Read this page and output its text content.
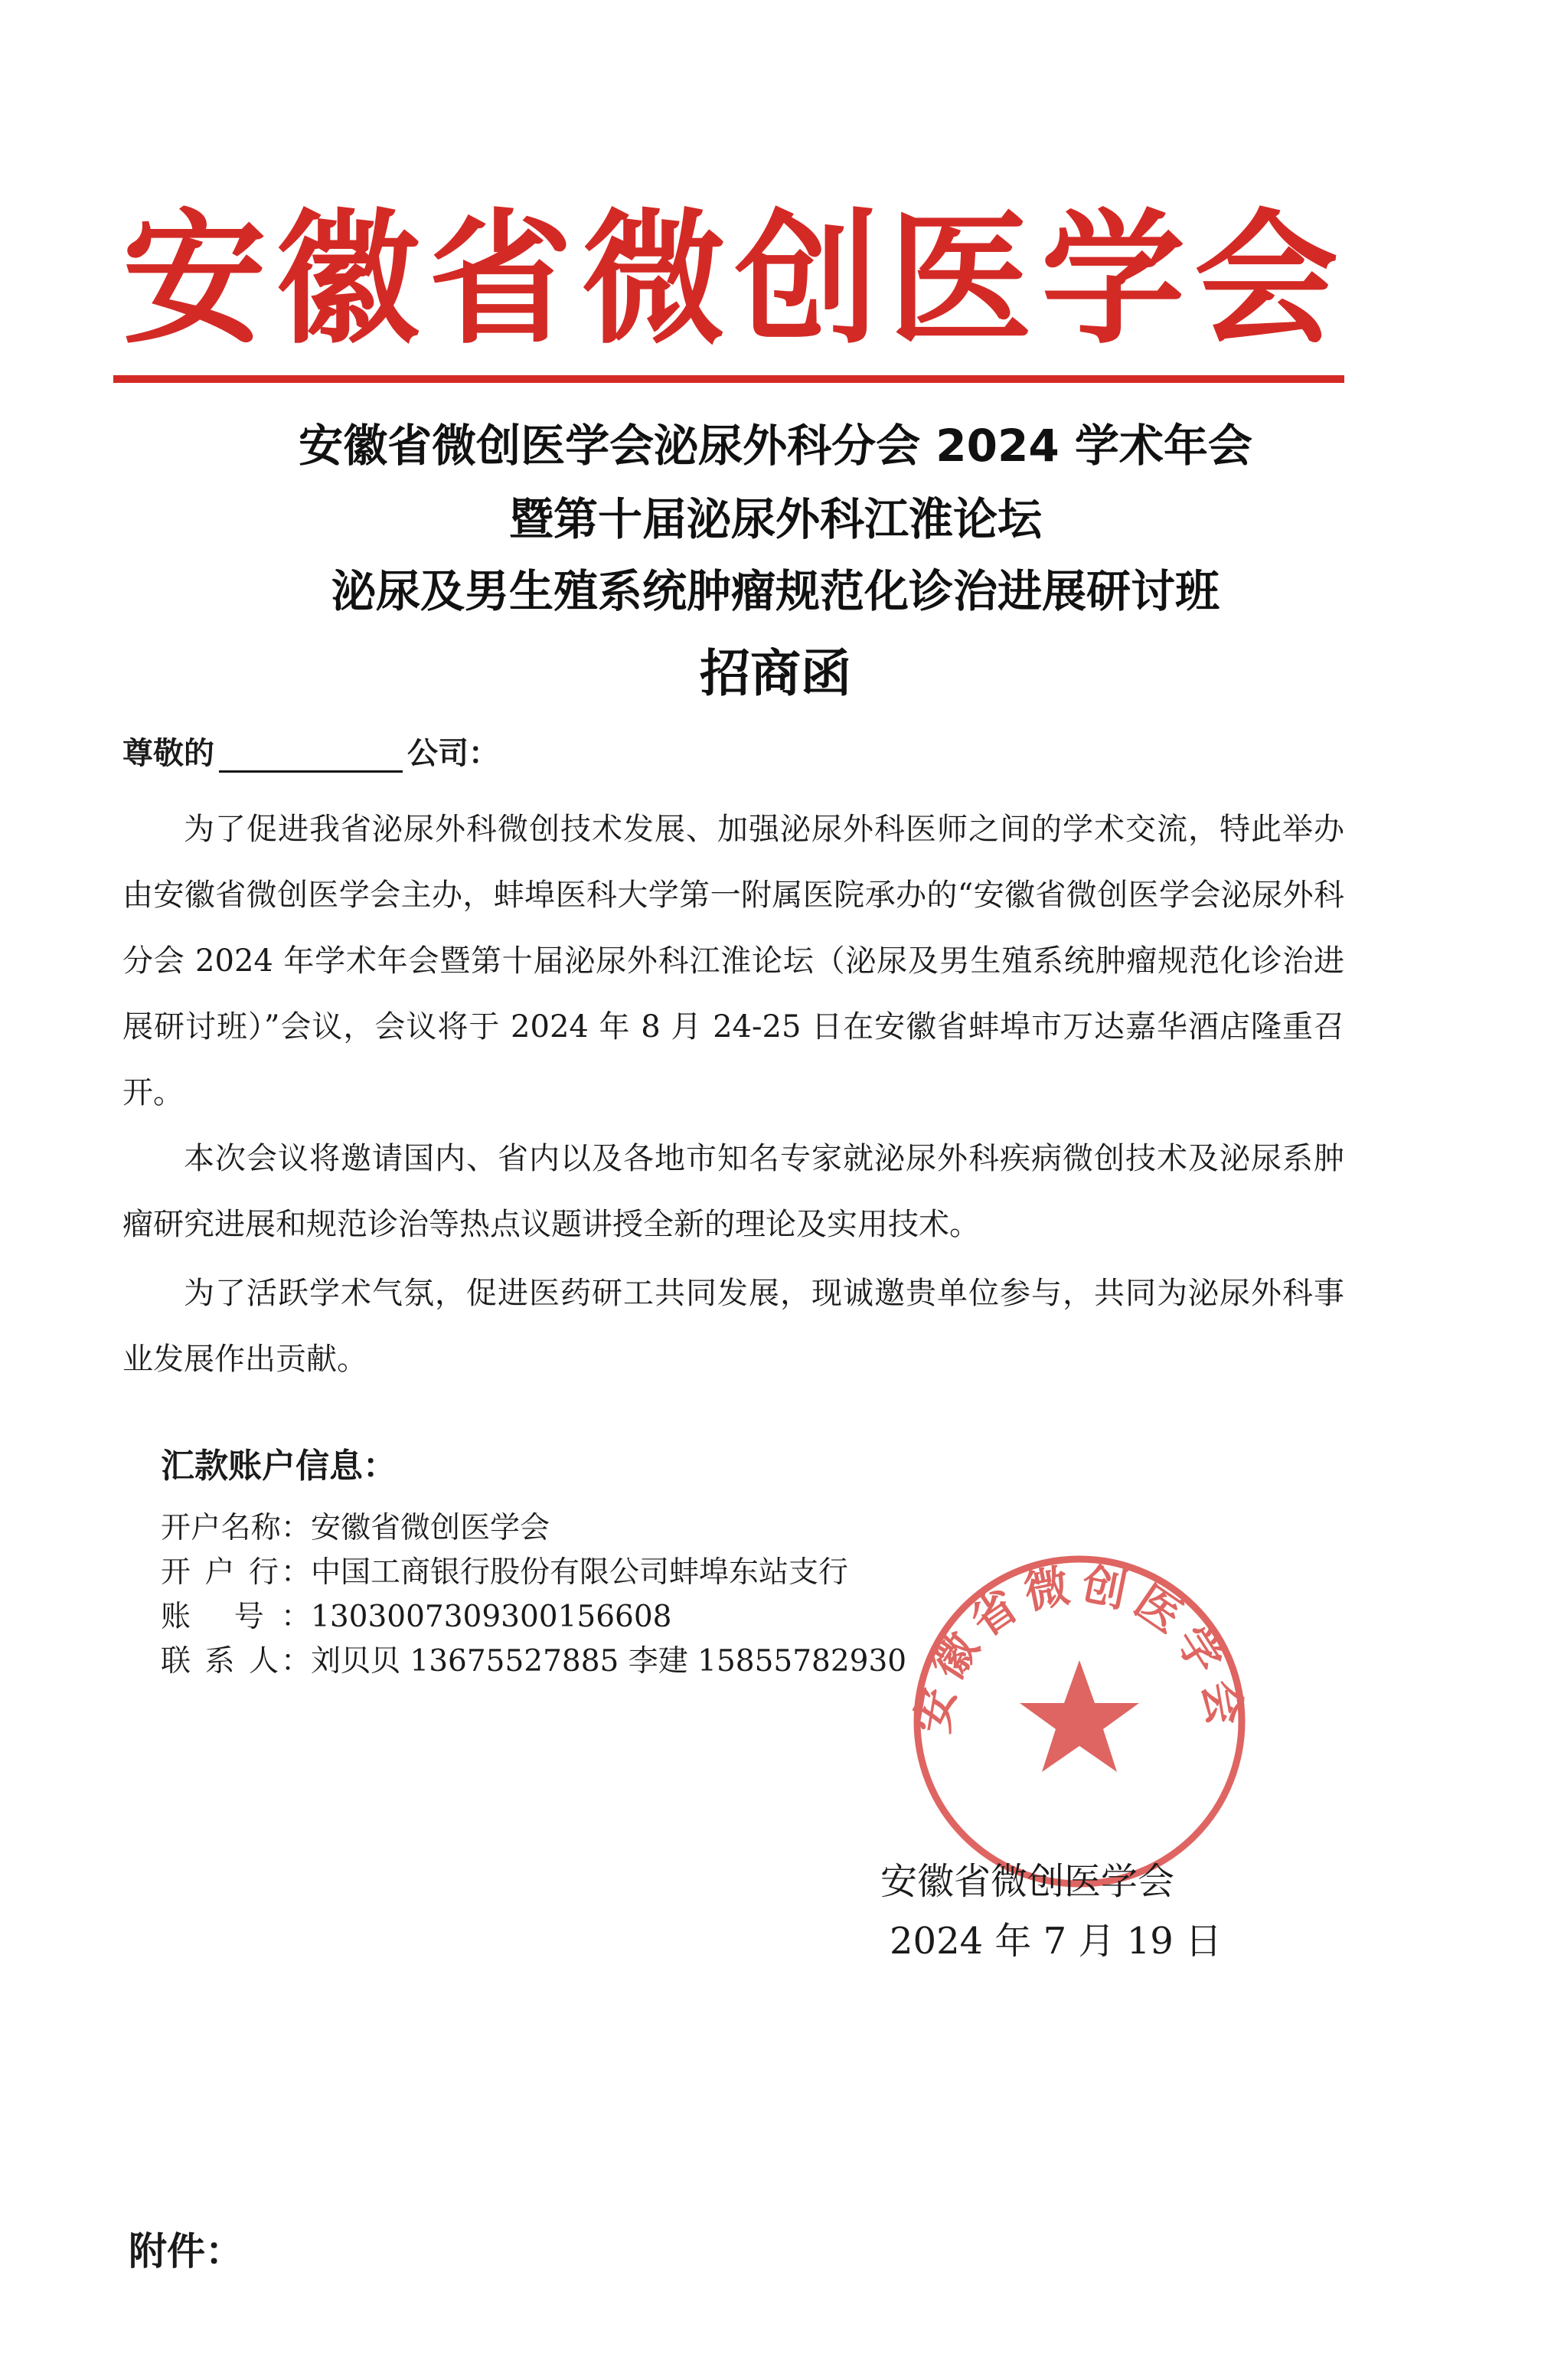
安徽省微创医学会
安徽省微创医学会泌尿外科分会 2024 学术年会
暨第十届泌尿外科江淮论坛
泌尿及男生殖系统肿瘤规范化诊治进展研讨班
招商函
尊敬的	公司：
为了促进我省泌尿外科微创技术发展、加强泌尿外科医师之间的学术交流，特此举办由安徽省微创医学会主办，蚌埠医科大学第一附属医院承办的“安徽省微创医学会泌尿外科分会 2024 年学术年会暨第十届泌尿外科江淮论坛（泌尿及男生殖系统肿瘤规范化诊治进展研讨班）”会议，会议将于 2024 年 8 月 24-25 日在安徽省蚌埠市万达嘉华酒店隆重召开。
本次会议将邀请国内、省内以及各地市知名专家就泌尿外科疾病微创技术及泌尿系肿瘤研究进展和规范诊治等热点议题讲授全新的理论及实用技术。
为了活跃学术气氛，促进医药研工共同发展，现诚邀贵单位参与，共同为泌尿外科事业发展作出贡献。
汇款账户信息：
开户名称：安徽省微创医学会
开 户 行：中国工商银行股份有限公司蚌埠东站支行
账 号：1303007309300156608
联 系 人：刘贝贝 13675527885 李建 15855782930
安徽省微创医学会
安徽省微创医学会
2024 年 7 月 19 日
附件：
